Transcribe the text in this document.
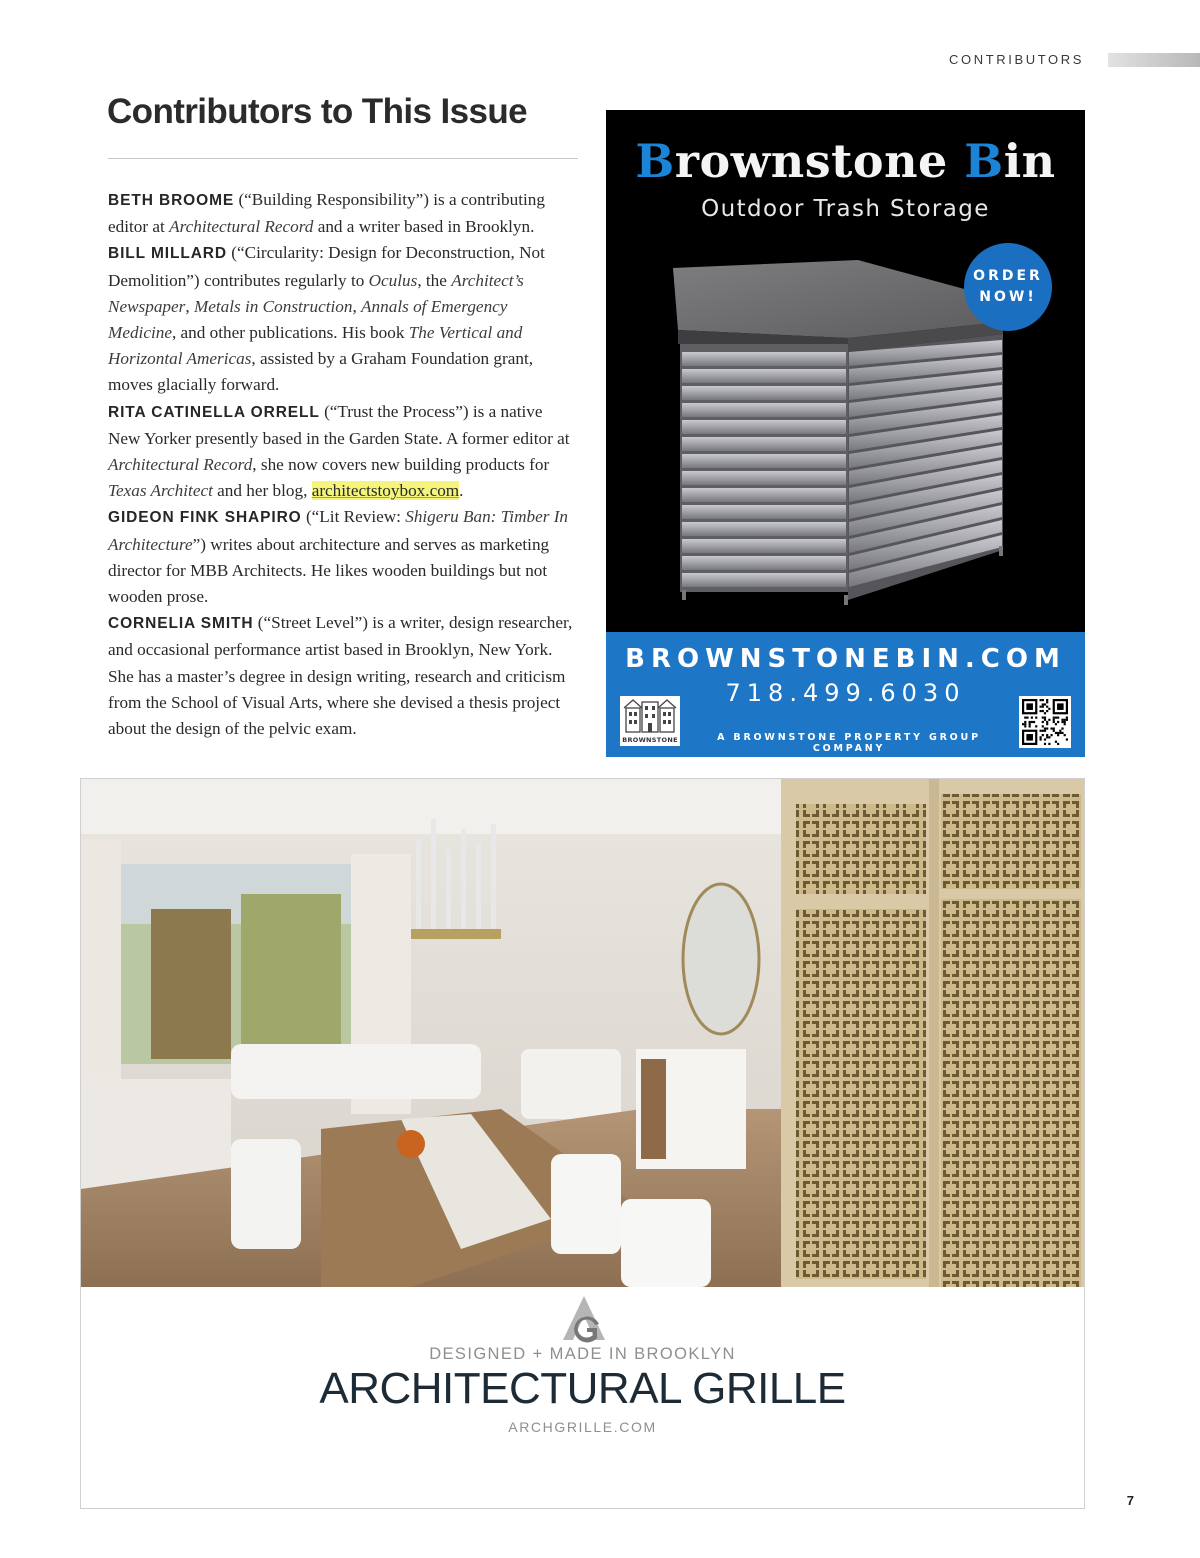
CONTRIBUTORS
Contributors to This Issue

BETH BROOME (“Building Responsibility”) is a contributing editor at Architectural Record and a writer based in Brooklyn.

BILL MILLARD (“Circularity: Design for Deconstruction, Not Demolition”) contributes regularly to Oculus, the Architect’s Newspaper, Metals in Construction, Annals of Emergency Medicine, and other publications. His book The Vertical and Horizontal Americas, assisted by a Graham Foundation grant, moves glacially forward.

RITA CATINELLA ORRELL (“Trust the Process”) is a native New Yorker presently based in the Garden State. A former editor at Architectural Record, she now covers new building products for Texas Architect and her blog, architectstoybox.com.

GIDEON FINK SHAPIRO (“Lit Review: Shigeru Ban: Timber In Architecture”) writes about architecture and serves as marketing director for MBB Architects. He likes wooden buildings but not wooden prose.

CORNELIA SMITH (“Street Level”) is a writer, design researcher, and occasional performance artist based in Brooklyn, New York. She has a master’s degree in design writing, research and criticism from the School of Visual Arts, where she devised a thesis project about the design of the pelvic exam.

Brownstone Bin
Outdoor Trash Storage
ORDER
NOW!
BROWNSTONEBIN.COM
718.499.6030
BROWNSTONE	A BROWNSTONE PROPERTY GROUP COMPANY
DESIGNED + MADE IN BROOKLYN
ARCHITECTURAL GRILLE
ARCHGRILLE.COM
7
